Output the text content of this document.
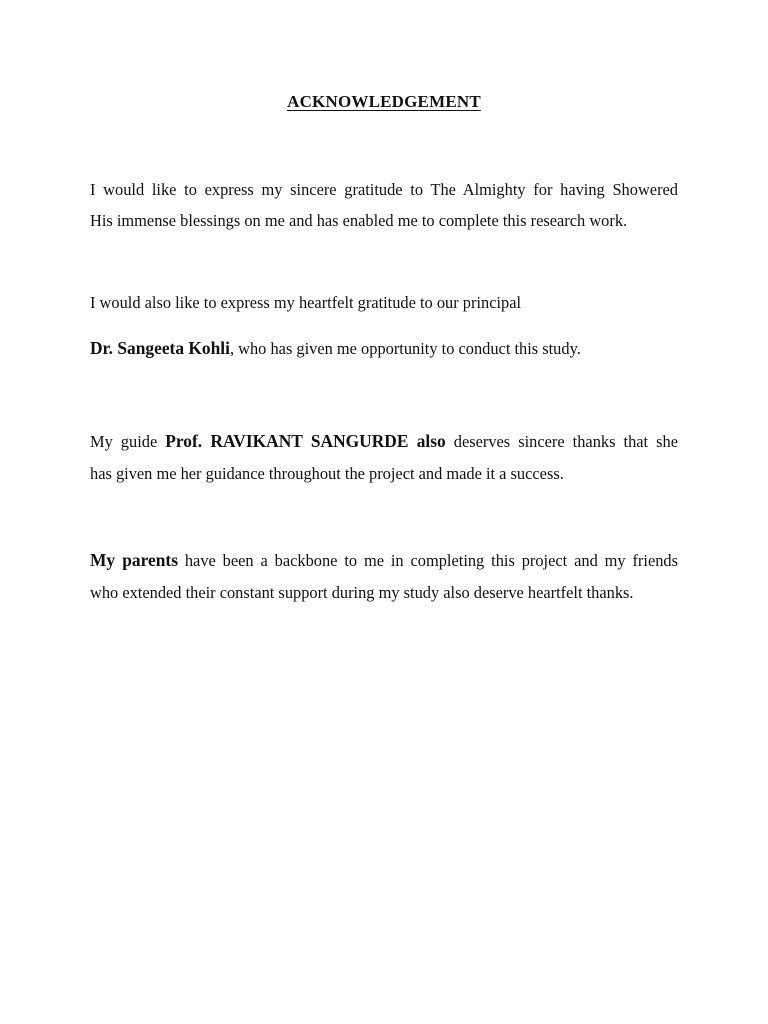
ACKNOWLEDGEMENT
I would like to express my sincere gratitude to The Almighty for having Showered
His immense blessings on me and has enabled me to complete this research work.
I would also like to express my heartfelt gratitude to our principal
Dr. Sangeeta Kohli, who has given me opportunity to conduct this study.
My guide Prof. RAVIKANT SANGURDE also deserves sincere thanks that she
has given me her guidance throughout the project and made it a success.
My parents have been a backbone to me in completing this project and my friends
who extended their constant support during my study also deserve heartfelt thanks.
